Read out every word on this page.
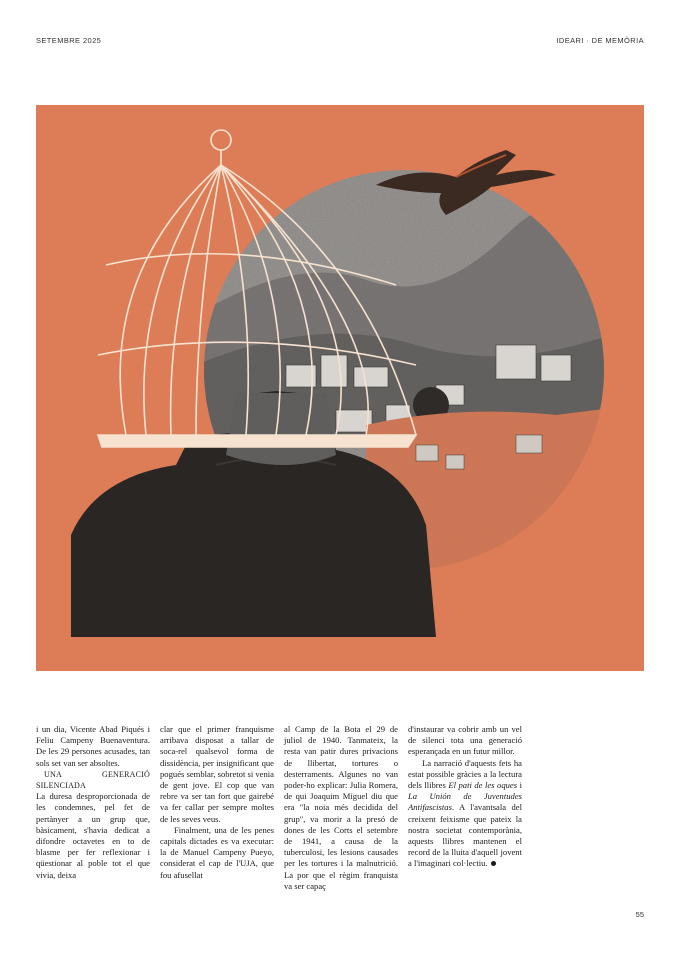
SETEMBRE 2025	IDEARI · DE MEMÒRIA

i un dia, Vicente Abad Piqués i Feliu Campeny Buenaventura. De les 29 persones acusades, tan sols set van ser absoltes.

UNA GENERACIÓ SILENCIADA

La duresa desproporcionada de les condemnes, pel fet de pertànyer a un grup que, bàsicament, s'havia dedicat a difondre octavetes en to de blasme per fer reflexionar i qüestionar al poble tot el que vivia, deixa

clar que el primer franquisme arribava disposat a tallar de soca-rel qualsevol forma de dissidència, per insignificant que pogués semblar, sobretot si venia de gent jove. El cop que van rebre va ser tan fort que gairebé va fer callar per sempre moltes de les seves veus.

Finalment, una de les penes capitals dictades es va executar: la de Manuel Campeny Pueyo, considerat el cap de l'UJA, que fou afusellat

al Camp de la Bota el 29 de juliol de 1940. Tanmateix, la resta van patir dures privacions de llibertat, tortures o desterraments. Algunes no van poder-ho explicar: Julia Romera, de qui Joaquim Miguel diu que era "la noia més decidida del grup", va morir a la presó de dones de les Corts el setembre de 1941, a causa de la tuberculosi, les lesions causades per les tortures i la malnutrició. La por que el règim franquista va ser capaç

d'instaurar va cobrir amb un vel de silenci tota una generació esperançada en un futur millor.

La narració d'aquests fets ha estat possible gràcies a la lectura dels llibres El pati de les oques i La Unión de Juventudes Antifascistas. A l'avantsala del creixent feixisme que pateix la nostra societat contemporània, aquests llibres mantenen el record de la lluita d'aquell jovent a l'imaginari col·lectiu.

55
